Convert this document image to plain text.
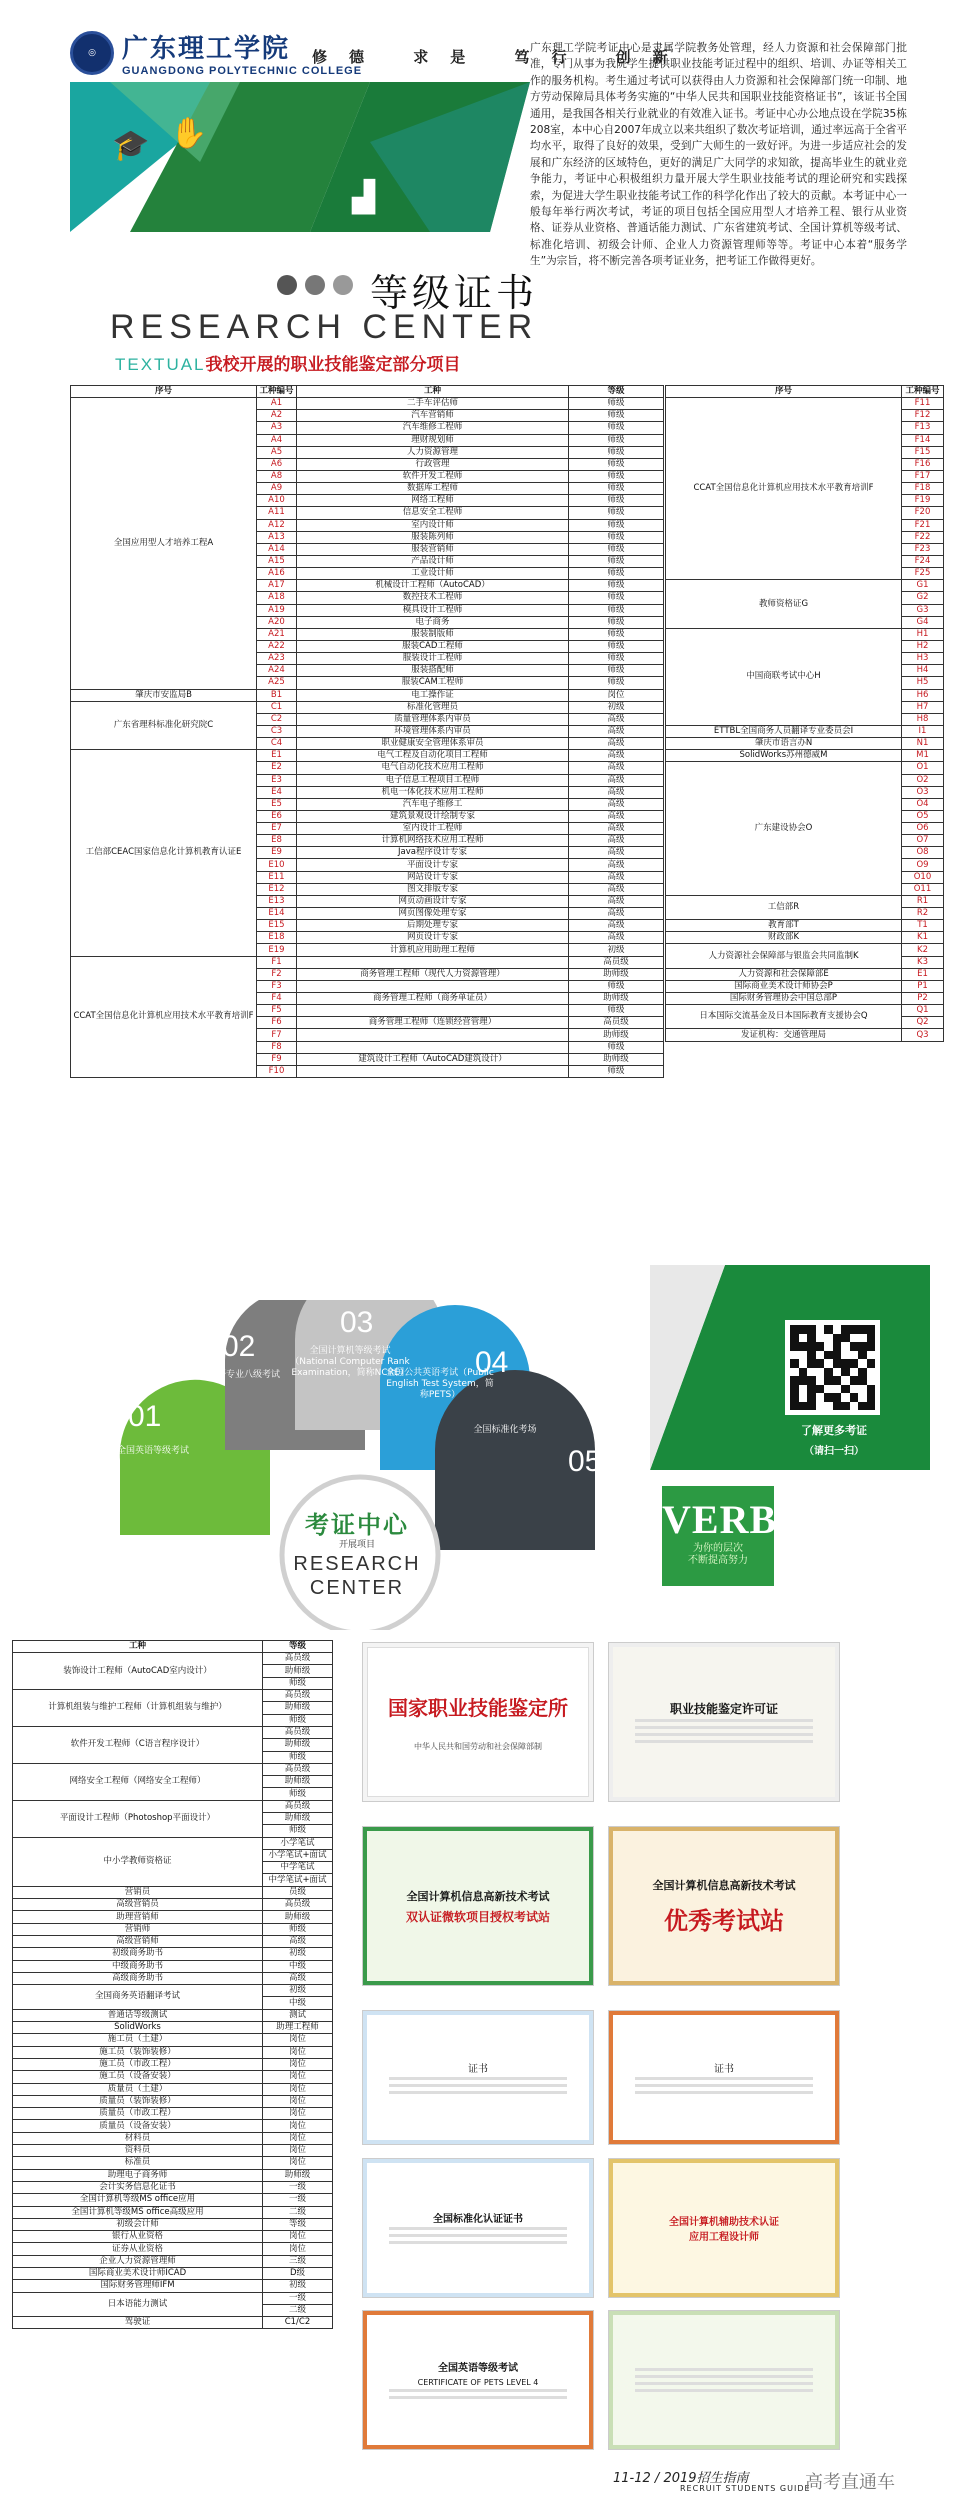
◎	广东理工学院
GUANGDONG POLYTECHNIC COLLEGE
修德 求是 笃行 创新
🎓 ✋
▟
广东理工学院考证中心是隶属学院教务处管理，经人力资源和社会保障部门批准，专门从事为我院学生提供职业技能考证过程中的组织、培训、办证等相关工作的服务机构。考生通过考试可以获得由人力资源和社会保障部门统一印制、地方劳动保障局具体考务实施的“中华人民共和国职业技能资格证书”，该证书全国通用，是我国各相关行业就业的有效准入证书。考证中心办公地点设在学院35栋208室，本中心自2007年成立以来共组织了数次考证培训，通过率远高于全省平均水平，取得了良好的效果，受到广大师生的一致好评。为进一步适应社会的发展和广东经济的区域特色，更好的满足广大同学的求知欲，提高毕业生的就业竞争能力，考证中心积极组织力量开展大学生职业技能考试的理论研究和实践探索，为促进大学生职业技能考试工作的科学化作出了较大的贡献。本考证中心一般每年举行两次考试，考证的项目包括全国应用型人才培养工程、银行从业资格、证券从业资格、普通话能力测试、广东省建筑考试、全国计算机等级考试、标准化培训、初级会计师、企业人力资源管理师等等。考证中心本着“服务学生”为宗旨，将不断完善各项考证业务，把考证工作做得更好。
等级证书
RESEARCH CENTER
TEXTUAL我校开展的职业技能鉴定部分项目
序号	工种编号	工种	等级
全国应用型人才培养工程A	A1	二手车评估师	师级
	A2	汽车营销师	师级
	A3	汽车维修工程师	师级
	A4	理财规划师	师级
	A5	人力资源管理	师级
	A6	行政管理	师级
	A8	软件开发工程师	师级
	A9	数据库工程师	师级
	A10	网络工程师	师级
	A11	信息安全工程师	师级
	A12	室内设计师	师级
	A13	服装陈列师	师级
	A14	服装营销师	师级
	A15	产品设计师	师级
	A16	工业设计师	师级
	A17	机械设计工程师（AutoCAD）	师级
	A18	数控技术工程师	师级
	A19	模具设计工程师	师级
	A20	电子商务	师级
	A21	服装制版师	师级
	A22	服装CAD工程师	师级
	A23	服装设计工程师	师级
	A24	服装搭配师	师级
	A25	服装CAM工程师	师级
肇庆市安监局B	B1	电工操作证	岗位
广东省理科标准化研究院C	C1	标准化管理员	初级
	C2	质量管理体系内审员	高级
	C3	环境管理体系内审员	高级
	C4	职业健康安全管理体系审员	高级
工信部CEAC国家信息化计算机教育认证E	E1	电气工程及自动化项目工程师	高级
	E2	电气自动化技术应用工程师	高级
	E3	电子信息工程项目工程师	高级
	E4	机电一体化技术应用工程师	高级
	E5	汽车电子维修工	高级
	E6	建筑景观设计绘制专家	高级
	E7	室内设计工程师	高级
	E8	计算机网络技术应用工程师	高级
	E9	Java程序设计专家	高级
	E10	平面设计专家	高级
	E11	网站设计专家	高级
	E12	图文排版专家	高级
	E13	网页动画设计专家	高级
	E14	网页图像处理专家	高级
	E15	后期处理专家	高级
	E18	网页设计专家	高级
	E19	计算机应用助理工程师	初级
CCAT全国信息化计算机应用技术水平教育培训F	F1		高员级
	F2	商务管理工程师（现代人力资源管理）	助师级
	F3		师级
	F4	商务管理工程师（商务单证员）	助师级
	F5		师级
	F6	商务管理工程师（连锁经营管理）	高员级
	F7		助师级
	F8		师级
	F9	建筑设计工程师（AutoCAD建筑设计）	助师级
	F10		师级
序号	工种编号
CCAT全国信息化计算机应用技术水平教育培训F	F11
	F12
	F13
	F14
	F15
	F16
	F17
	F18
	F19
	F20
	F21
	F22
	F23
	F24
	F25
教师资格证G	G1
	G2
	G3
	G4
中国商联考试中心H	H1
	H2
	H3
	H4
	H5
	H6
	H7
	H8
ETTBL全国商务人员翻译专业委员会I	I1
肇庆市语言办N	N1
SolidWorks苏州德威M	M1
广东建设协会O	O1
	O2
	O3
	O4
	O5
	O6
	O7
	O8
	O9
	O10
	O11
工信部R	R1
	R2
教育部T	T1
财政部K	K1
人力资源社会保障部与银监会共同监制K	K2
	K3
人力资源和社会保障部E	E1
国际商业美术设计师协会P	P1
国际财务管理协会中国总部P	P2
日本国际交流基金及日本国际教育支援协会Q	Q1
	Q2
发证机构：交通管理局	Q3
01
全国英语等级考试
02
全国英语专业八级考试
03
全国计算机等级考试（National Computer Rank Examination，简称NCRE） 04
全国公共英语考试（Public English Test System，简称PETS）
05
全国标准化考场
考证中心
开展项目
RESEARCH
CENTER
了解更多考证
（请扫一扫）
VERB
为你的层次
不断提高努力
工种	等级
装饰设计工程师（AutoCAD室内设计）	高员级
	助师级
	师级
计算机组装与维护工程师（计算机组装与维护）	高员级
	助师级
	师级
软件开发工程师（C语言程序设计）	高员级
	助师级
	师级
网络安全工程师（网络安全工程师）	高员级
	助师级
	师级
平面设计工程师（Photoshop平面设计）	高员级
	助师级
	师级
中小学教师资格证	小学笔试
	小学笔试+面试
	中学笔试
	中学笔试+面试
营销员	员级
高级营销员	高员级
助理营销师	助师级
营销师	师级
高级营销师	高级
初级商务助书	初级
中级商务助书	中级
高级商务助书	高级
全国商务英语翻译考试	初级
	中级
普通话等级测试	测试
SolidWorks	助理工程师
施工员（土建）	岗位
施工员（装饰装修）	岗位
施工员（市政工程）	岗位
施工员（设备安装）	岗位
质量员（土建）	岗位
质量员（装饰装修）	岗位
质量员（市政工程）	岗位
质量员（设备安装）	岗位
材料员	岗位
资料员	岗位
标准员	岗位
助理电子商务师	助师级
会计实务信息化证书	一级
全国计算机等级MS office应用	一级
全国计算机等级MS office高级应用	二级
初级会计师	等级
银行从业资格	岗位
证券从业资格	岗位
企业人力资源管理师	三级
国际商业美术设计师ICAD	D级
国际财务管理师IFM	初级
日本语能力测试	一级
	二级
驾驶证	C1/C2
国家职业技能鉴定所
中华人民共和国劳动和社会保障部制
职业技能鉴定许可证
全国计算机信息高新技术考试
双认证微软项目授权考试站
全国计算机信息高新技术考试
优秀考试站
证书	证书
全国标准化认证证书	全国计算机辅助技术认证
应用工程设计师
全国英语等级考试
CERTIFICATE OF PETS LEVEL 4
11-12 / 2019招生指南
RECRUIT STUDENTS GUIDE
高考直通车
